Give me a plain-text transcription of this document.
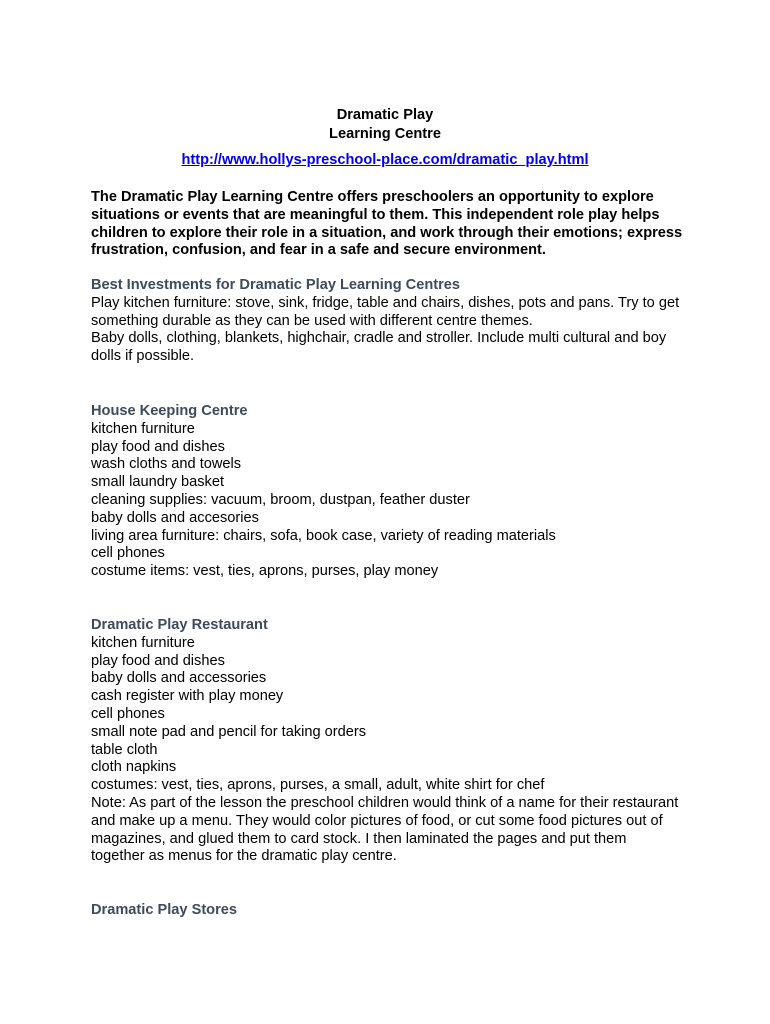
Dramatic Play
Learning Centre
http://www.hollys-preschool-place.com/dramatic_play.html
The Dramatic Play Learning Centre offers preschoolers an opportunity to explore situations or events that are meaningful to them. This independent role play helps children to explore their role in a situation, and work through their emotions; express frustration, confusion, and fear in a safe and secure environment.
Best Investments for Dramatic Play Learning Centres
Play kitchen furniture: stove, sink, fridge, table and chairs, dishes, pots and pans. Try to get something durable as they can be used with different centre themes.
Baby dolls, clothing, blankets, highchair, cradle and stroller. Include multi cultural and boy dolls if possible.
House Keeping Centre
kitchen furniture
play food and dishes
wash cloths and towels
small laundry basket
cleaning supplies: vacuum, broom, dustpan, feather duster
baby dolls and accesories
living area furniture: chairs, sofa, book case, variety of reading materials
cell phones
costume items: vest, ties, aprons, purses, play money
Dramatic Play Restaurant
kitchen furniture
play food and dishes
baby dolls and accessories
cash register with play money
cell phones
small note pad and pencil for taking orders
table cloth
cloth napkins
costumes: vest, ties, aprons, purses, a small, adult, white shirt for chef
Note: As part of the lesson the preschool children would think of a name for their restaurant and make up a menu. They would color pictures of food, or cut some food pictures out of magazines, and glued them to card stock. I then laminated the pages and put them together as menus for the dramatic play centre.
Dramatic Play Stores
